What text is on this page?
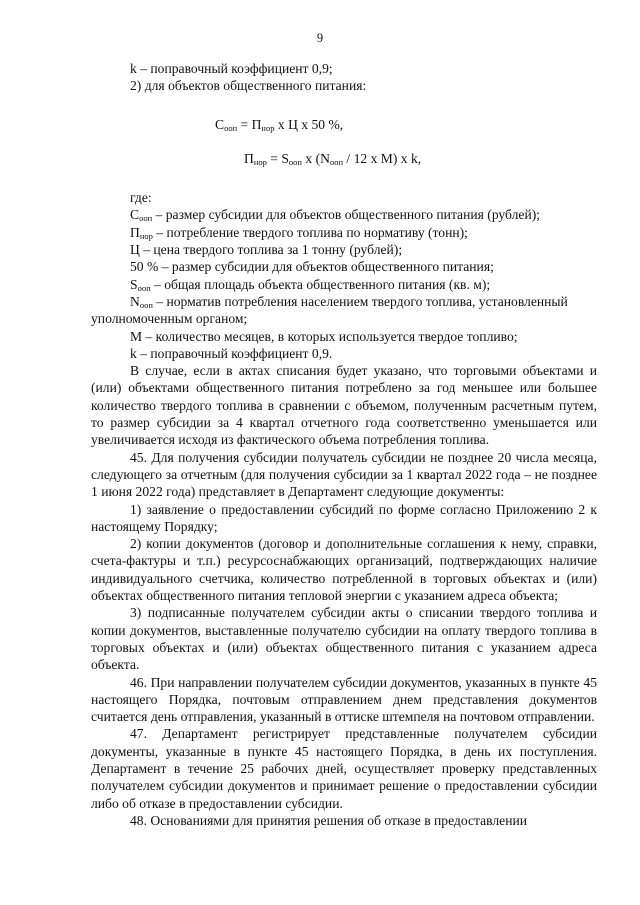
9
k – поправочный коэффициент 0,9;
2) для объектов общественного питания:
$С_{ооп} = П_{нор}$ x Ц x 50 %,
$П_{нор} = S_{ооп}$ x ($N_{ооп} / 12$ x M) x k,
где:
$С_{ооп}$ – размер субсидии для объектов общественного питания (рублей);
$П_{нор}$ – потребление твердого топлива по нормативу (тонн);
Ц – цена твердого топлива за 1 тонну (рублей);
50 % – размер субсидии для объектов общественного питания;
$S_{ооп}$ – общая площадь объекта общественного питания (кв. м);
$N_{ооп}$ – норматив потребления населением твердого топлива, установленный
уполномоченным органом;
М – количество месяцев, в которых используется твердое топливо;
k – поправочный коэффициент 0,9.
В случае, если в актах списания будет указано, что торговыми объектами и (или) объектами общественного питания потреблено за год меньшее или большее количество твердого топлива в сравнении с объемом, полученным расчетным путем, то размер субсидии за 4 квартал отчетного года соответственно уменьшается или увеличивается исходя из фактического объема потребления топлива.
45. Для получения субсидии получатель субсидии не позднее 20 числа месяца, следующего за отчетным (для получения субсидии за 1 квартал 2022 года – не позднее 1 июня 2022 года) представляет в Департамент следующие документы:
1) заявление о предоставлении субсидий по форме согласно Приложению 2 к настоящему Порядку;
2) копии документов (договор и дополнительные соглашения к нему, справки, счета-фактуры и т.п.) ресурсоснабжающих организаций, подтверждающих наличие индивидуального счетчика, количество потребленной в торговых объектах и (или) объектах общественного питания тепловой энергии с указанием адреса объекта;
3) подписанные получателем субсидии акты о списании твердого топлива и копии документов, выставленные получателю субсидии на оплату твердого топлива в торговых объектах и (или) объектах общественного питания с указанием адреса объекта.
46. При направлении получателем субсидии документов, указанных в пункте 45 настоящего Порядка, почтовым отправлением днем представления документов считается день отправления, указанный в оттиске штемпеля на почтовом отправлении.
47. Департамент регистрирует представленные получателем субсидии документы, указанные в пункте 45 настоящего Порядка, в день их поступления. Департамент в течение 25 рабочих дней, осуществляет проверку представленных получателем субсидии документов и принимает решение о предоставлении субсидии либо об отказе в предоставлении субсидии.
48. Основаниями для принятия решения об отказе в предоставлении
